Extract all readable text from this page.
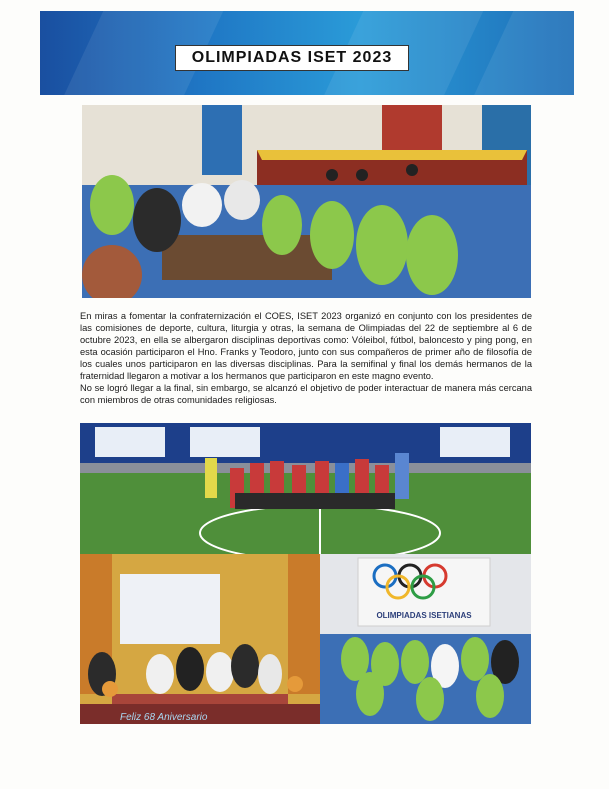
OLIMPIADAS ISET 2023

En miras a fomentar la confraternización el COES, ISET 2023 organizó en conjunto con los presidentes de las comisiones de deporte, cultura, liturgia y otras, la semana de Olimpiadas del 22 de septiembre al 6 de octubre 2023, en ella se albergaron disciplinas deportivas como: Vóleibol, fútbol, baloncesto y ping pong, en esta ocasión participaron el Hno. Franks y Teodoro, junto con sus compañeros de primer año de filosofía de los cuales unos participaron en las diversas disciplinas. Para la semifinal y final los demás hermanos de la fraternidad llegaron a motivar a los hermanos que participaron en este magno evento.

No se logró llegar a la final, sin embargo, se alcanzó el objetivo de poder interactuar de manera más cercana con miembros de otras comunidades religiosas.

Feliz 68 Aniversario
OLIMPIADAS ISETIANAS
